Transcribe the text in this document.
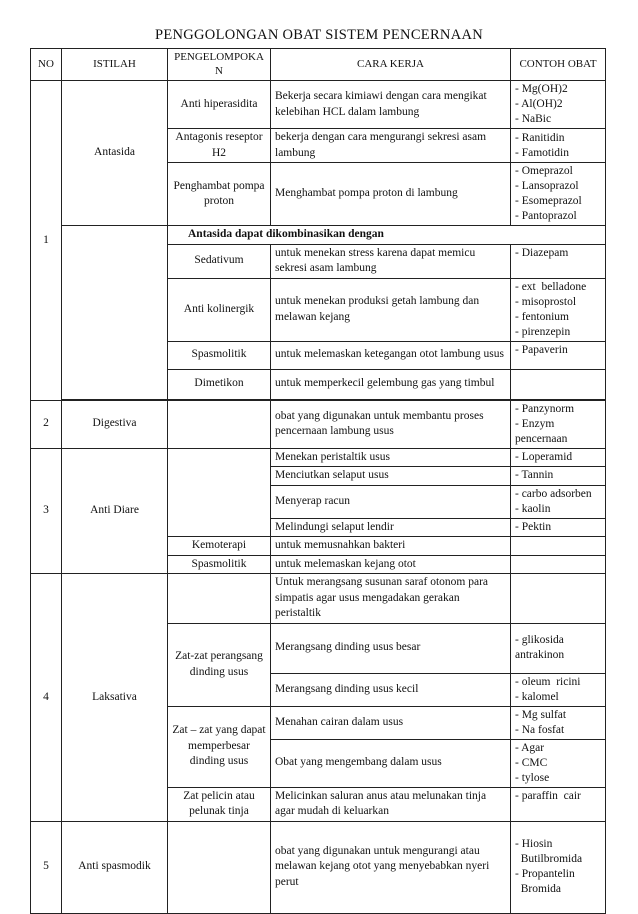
PENGGOLONGAN OBAT SISTEM PENCERNAAN
NO	ISTILAH	PENGELOMPOKA N	CARA KERJA	CONTOH OBAT
1	Antasida	Anti hiperasidita	Bekerja secara kimiawi dengan cara mengikat kelebihan HCL dalam lambung	- Mg(OH)2
- Al(OH)2
- NaBic

		Antagonis reseptor H2	bekerja dengan cara mengurangi sekresi asam lambung	- Ranitidin
- Famotidin

		Penghambat pompa proton	Menghambat pompa proton di lambung	- Omeprazol
- Lansoprazol
- Esomeprazol
- Pantoprazol

		Antasida dapat dikombinasikan dengan		
		Sedativum	untuk menekan stress karena dapat memicu sekresi asam lambung	- Diazepam

		Anti kolinergik	untuk menekan produksi getah lambung dan melawan kejang	- ext  belladone
- misoprostol
- fentonium
- pirenzepin

		Spasmolitik	untuk melemaskan ketegangan otot lambung usus	- Papaverin

		Dimetikon	untuk memperkecil gelembung gas yang timbul	

2	Digestiva		obat yang digunakan untuk membantu proses pencernaan lambung usus	- Panzynorm
- Enzym
pencernaan

3	Anti Diare		Menekan peristaltik usus	- Loperamid

			Menciutkan selaput usus	- Tannin

			Menyerap racun	- carbo adsorben
- kaolin

			Melindungi selaput lendir	- Pektin

		Kemoterapi	untuk memusnahkan bakteri	
		Spasmolitik	untuk melemaskan kejang otot	
4	Laksativa		Untuk merangsang susunan saraf otonom para simpatis agar usus mengadakan gerakan peristaltik	
		Zat-zat perangsang dinding usus	Merangsang dinding usus besar	- glikosida
antrakinon

			Merangsang dinding usus kecil	- oleum  ricini
- kalomel

		Zat – zat yang dapat memperbesar dinding usus	Menahan cairan dalam usus	- Mg sulfat
- Na fosfat

			Obat yang mengembang dalam usus	- Agar
- CMC
- tylose

		Zat pelicin atau pelunak tinja	Melicinkan saluran anus atau melunakan tinja agar mudah di keluarkan	- paraffin  cair

5	Anti spasmodik		obat yang digunakan untuk mengurangi atau melawan kejang otot yang menyebabkan nyeri perut	- Hiosin
Butilbromida
- Propantelin
Bromida
